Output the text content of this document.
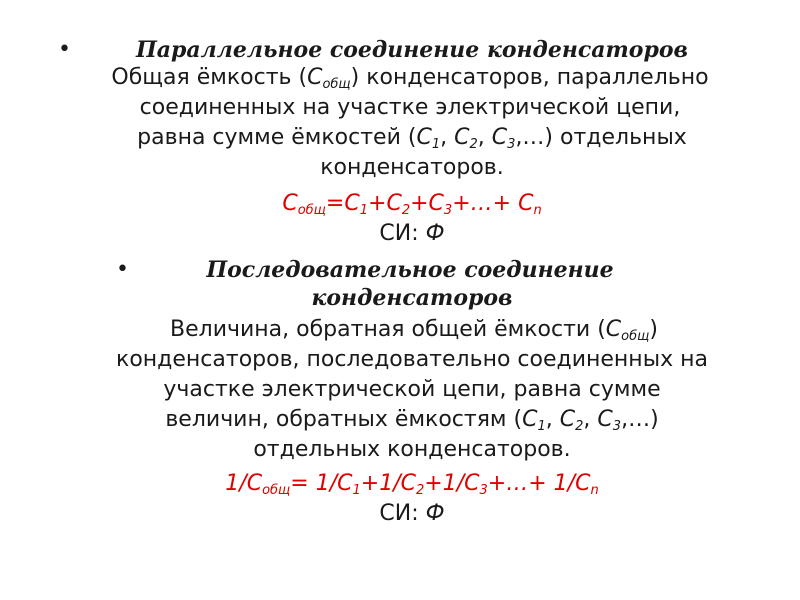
•	Параллельное соединение конденсаторов
Общая ёмкость $(C_{общ})$ конденсаторов, параллельно
соединенных на участке электрической цепи,
равна сумме ёмкостей ($C_1$, $C_2$, $C_3,\dots$) отдельных
конденсаторов.
$C_{общ}=C_1+C_2+C_3+\dots+ C_n$
СИ: Ф
•	Последовательное соединение
конденсаторов
Величина, обратная общей ёмкости $(C_{общ})$
конденсаторов, последовательно соединенных на
участке электрической цепи, равна сумме
величин, обратных ёмкостям ($C_1$, $C_2$, $C_3,\dots$)
отдельных конденсаторов.
$1/C_{общ}=$ $1/C_1+1/C_2+1/C_3+\dots+ 1/C_n$
СИ: Ф
